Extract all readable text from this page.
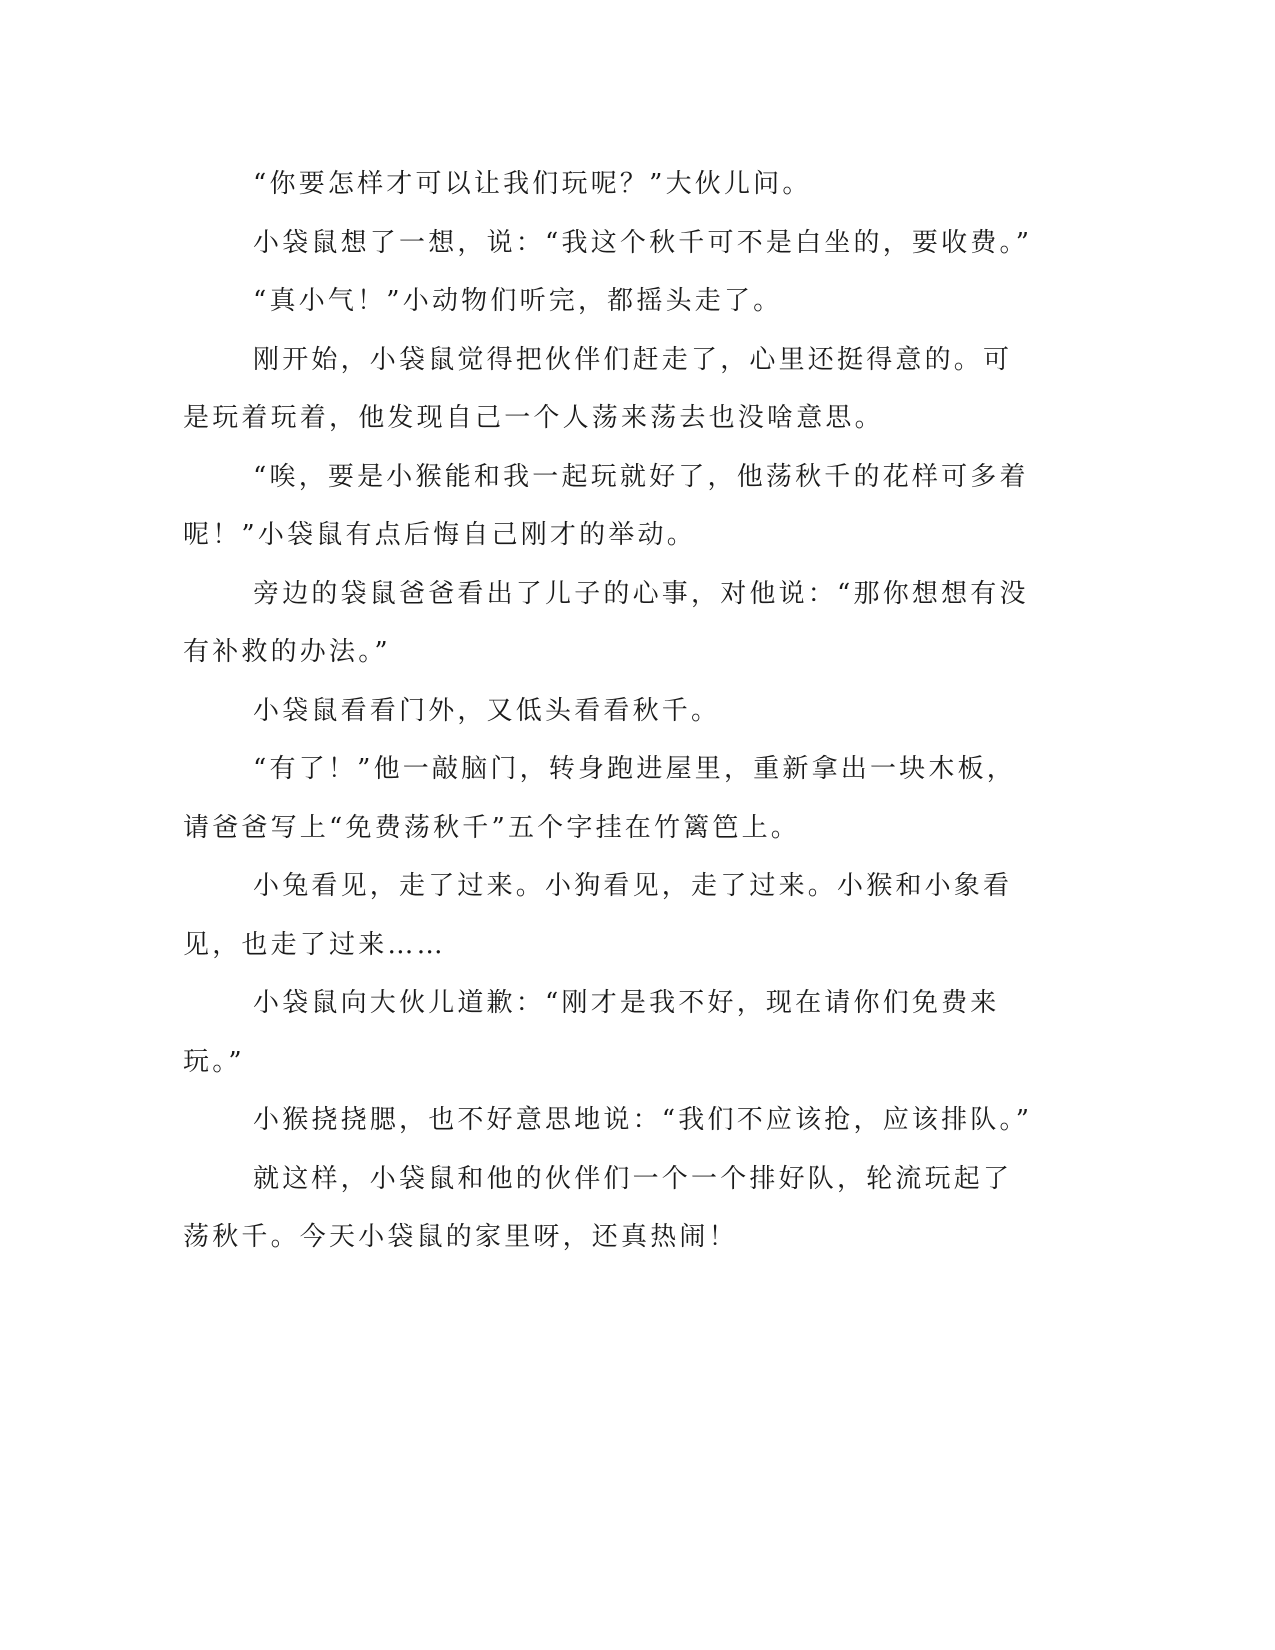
“你要怎样才可以让我们玩呢？”大伙儿问。

小袋鼠想了一想，说：“我这个秋千可不是白坐的，要收费。”

“真小气！”小动物们听完，都摇头走了。

刚开始，小袋鼠觉得把伙伴们赶走了，心里还挺得意的。可是玩着玩着，他发现自己一个人荡来荡去也没啥意思。

“唉，要是小猴能和我一起玩就好了，他荡秋千的花样可多着呢！”小袋鼠有点后悔自己刚才的举动。

旁边的袋鼠爸爸看出了儿子的心事，对他说：“那你想想有没有补救的办法。”

小袋鼠看看门外，又低头看看秋千。

“有了！”他一敲脑门，转身跑进屋里，重新拿出一块木板，请爸爸写上“免费荡秋千”五个字挂在竹篱笆上。

小兔看见，走了过来。小狗看见，走了过来。小猴和小象看见，也走了过来……

小袋鼠向大伙儿道歉：“刚才是我不好，现在请你们免费来玩。”

小猴挠挠腮，也不好意思地说：“我们不应该抢，应该排队。”

就这样，小袋鼠和他的伙伴们一个一个排好队，轮流玩起了荡秋千。今天小袋鼠的家里呀，还真热闹！
